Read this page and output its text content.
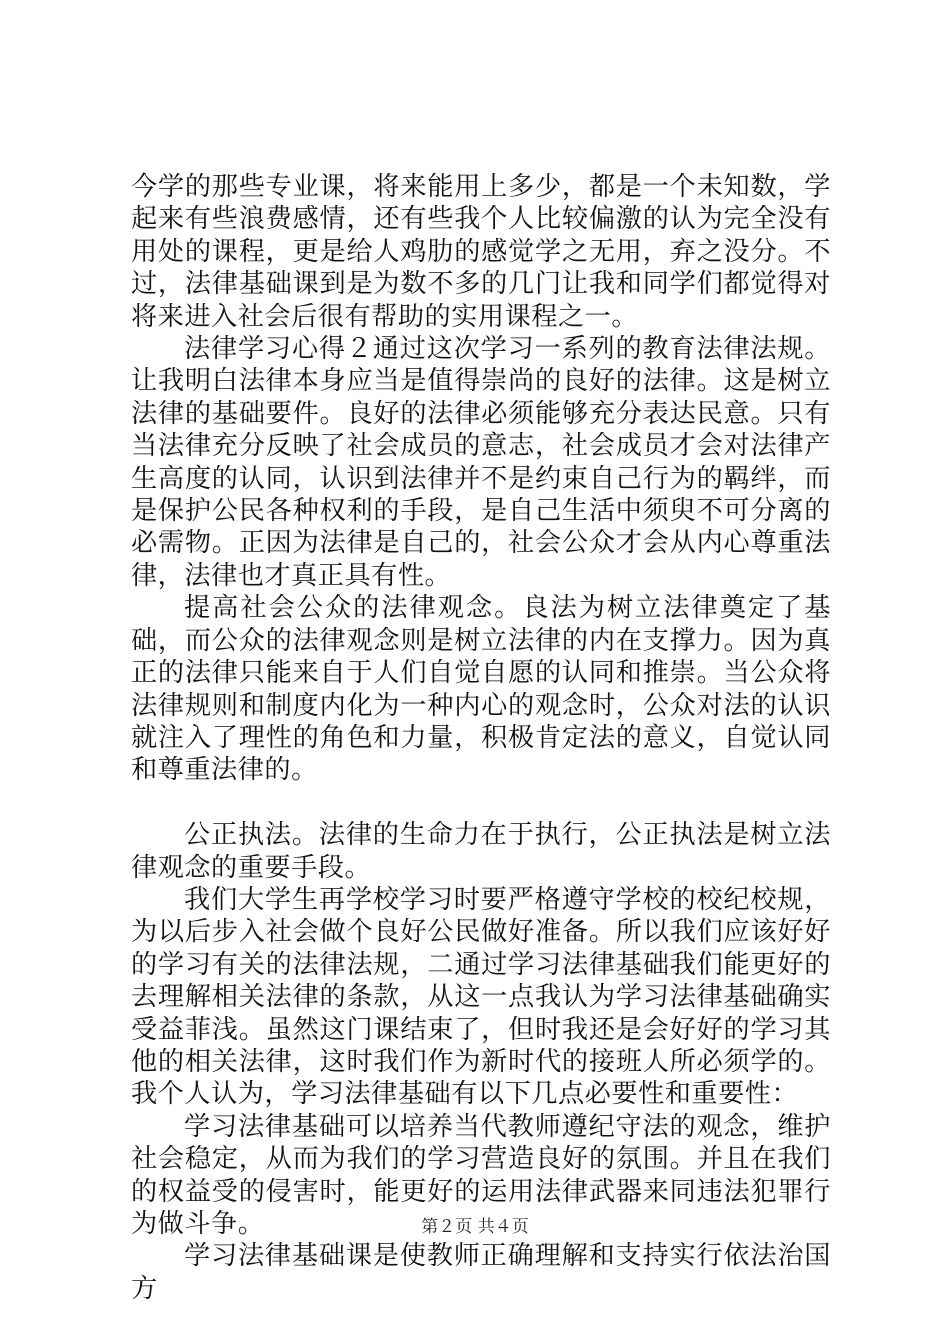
今学的那些专业课，将来能用上多少，都是一个未知数，学起来有些浪费感情，还有些我个人比较偏激的认为完全没有用处的课程，更是给人鸡肋的感觉学之无用，弃之没分。不过，法律基础课到是为数不多的几门让我和同学们都觉得对将来进入社会后很有帮助的实用课程之一。

法律学习心得２通过这次学习一系列的教育法律法规。让我明白法律本身应当是值得崇尚的良好的法律。这是树立法律的基础要件。良好的法律必须能够充分表达民意。只有当法律充分反映了社会成员的意志，社会成员才会对法律产生高度的认同，认识到法律并不是约束自己行为的羁绊，而是保护公民各种权利的手段，是自己生活中须臾不可分离的必需物。正因为法律是自己的，社会公众才会从内心尊重法律，法律也才真正具有性。

提高社会公众的法律观念。良法为树立法律奠定了基础，而公众的法律观念则是树立法律的内在支撑力。因为真正的法律只能来自于人们自觉自愿的认同和推崇。当公众将法律规则和制度内化为一种内心的观念时，公众对法的认识就注入了理性的角色和力量，积极肯定法的意义，自觉认同和尊重法律的。

公正执法。法律的生命力在于执行，公正执法是树立法律观念的重要手段。

我们大学生再学校学习时要严格遵守学校的校纪校规，为以后步入社会做个良好公民做好准备。所以我们应该好好的学习有关的法律法规，二通过学习法律基础我们能更好的去理解相关法律的条款，从这一点我认为学习法律基础确实受益菲浅。虽然这门课结束了，但时我还是会好好的学习其他的相关法律，这时我们作为新时代的接班人所必须学的。我个人认为，学习法律基础有以下几点必要性和重要性：

学习法律基础可以培养当代教师遵纪守法的观念，维护社会稳定，从而为我们的学习营造良好的氛围。并且在我们的权益受的侵害时，能更好的运用法律武器来同违法犯罪行为做斗争。

学习法律基础课是使教师正确理解和支持实行依法治国方

第２页 共４页
